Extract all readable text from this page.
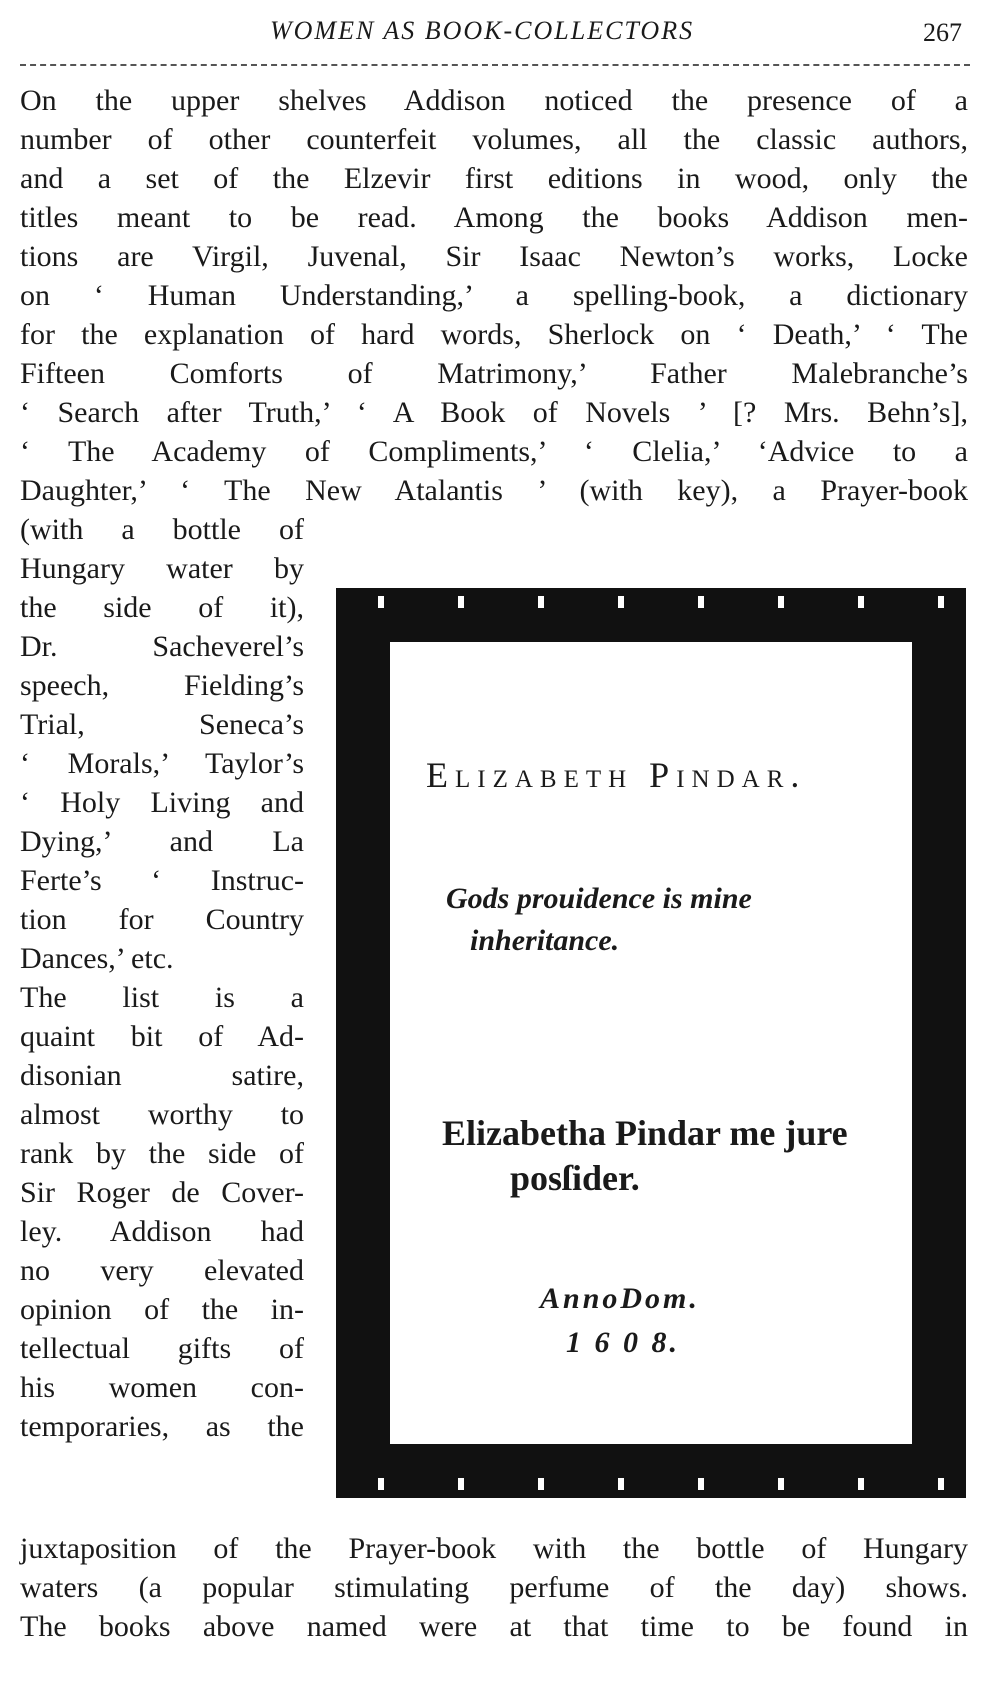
WOMEN AS BOOK-COLLECTORS	267
On the upper shelves Addison noticed the presence of a
number of other counterfeit volumes, all the classic authors,
and a set of the Elzevir first editions in wood, only the
titles meant to be read. Among the books Addison men-
tions are Virgil, Juvenal, Sir Isaac Newton’s works, Locke
on ‘ Human Understanding,’ a spelling-book, a dictionary
for the explanation of hard words, Sherlock on ‘ Death,’ ‘ The
Fifteen Comforts of Matrimony,’ Father Malebranche’s
‘ Search after Truth,’ ‘ A Book of Novels ’ [? Mrs. Behn’s],
‘ The Academy of Compliments,’ ‘ Clelia,’ ‘Advice to a
Daughter,’ ‘ The New Atalantis ’ (with key), a Prayer-book
(with a bottle of
Hungary water by
the side of it),
Dr. Sacheverel’s
speech, Fielding’s
Trial, Seneca’s
‘ Morals,’ Taylor’s
‘ Holy Living and
Dying,’ and La
Ferte’s ‘ Instruc-
tion for Country
Dances,’ etc.
The list is a
quaint bit of Ad-
disonian satire,
almost worthy to
rank by the side of
Sir Roger de Cover-
ley. Addison had
no very elevated
opinion of the in-
tellectual gifts of
his women con-
temporaries, as the
juxtaposition of the Prayer-book with the bottle of Hungary
waters (a popular stimulating perfume of the day) shows.
The books above named were at that time to be found in
Elizabeth Pindar.
Gods prouidence is mine
inheritance.
Elizabetha Pindar me jure
posſider.
AnnoDom.
1 6 0 8.
